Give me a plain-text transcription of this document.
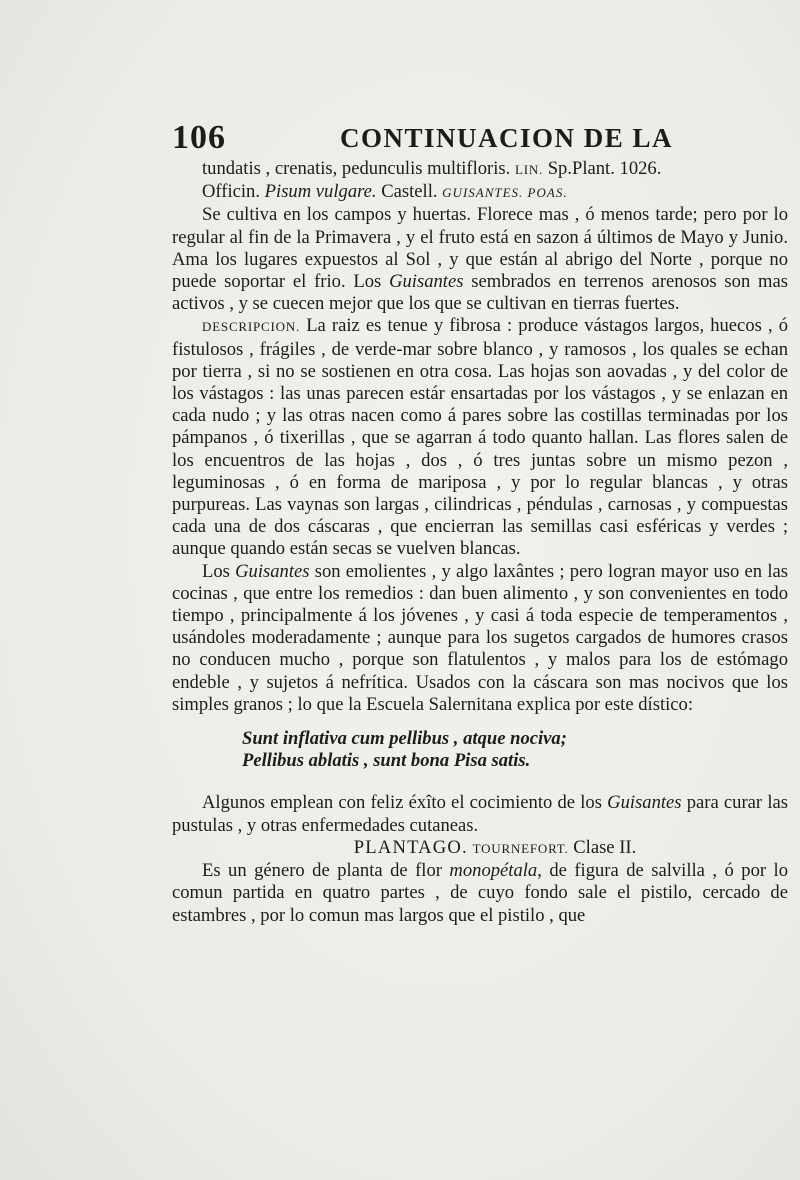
106	CONTINUACION DE LA

tundatis , crenatis, pedunculis multifloris. LIN. Sp.Plant. 1026.

Officin. Pisum vulgare. Castell. GUISANTES. POAS.

Se cultiva en los campos y huertas. Florece mas , ó menos tarde; pero por lo regular al fin de la Primavera , y el fruto está en sazon á últimos de Mayo y Junio. Ama los lugares expuestos al Sol , y que están al abrigo del Norte , porque no puede soportar el frio. Los Guisantes sembrados en terrenos arenosos son mas activos , y se cuecen mejor que los que se cultivan en tierras fuertes.

DESCRIPCION. La raiz es tenue y fibrosa : produce vástagos largos, huecos , ó fistulosos , frágiles , de verde-mar sobre blanco , y ramosos , los quales se echan por tierra , si no se sostienen en otra cosa. Las hojas son aovadas , y del color de los vástagos : las unas parecen estár ensartadas por los vástagos , y se enlazan en cada nudo ; y las otras nacen como á pares sobre las costillas terminadas por los pámpanos , ó tixerillas , que se agarran á todo quanto hallan. Las flores salen de los encuentros de las hojas , dos , ó tres juntas sobre un mismo pezon , leguminosas , ó en forma de mariposa , y por lo regular blancas , y otras purpureas. Las vaynas son largas , cilindricas , péndulas , carnosas , y compuestas cada una de dos cáscaras , que encierran las semillas casi esféricas y verdes ; aunque quando están secas se vuelven blancas.

Los Guisantes son emolientes , y algo laxântes ; pero logran mayor uso en las cocinas , que entre los remedios : dan buen alimento , y son convenientes en todo tiempo , principalmente á los jóvenes , y casi á toda especie de temperamentos , usándoles moderadamente ; aunque para los sugetos cargados de humores crasos no conducen mucho , porque son flatulentos , y malos para los de estómago endeble , y sujetos á nefrítica. Usados con la cáscara son mas nocivos que los simples granos ; lo que la Escuela Salernitana explica por este dístico:

Sunt inflativa cum pellibus , atque nociva;
Pellibus ablatis , sunt bona Pisa satis.

Algunos emplean con feliz éxîto el cocimiento de los Guisantes para curar las pustulas , y otras enfermedades cutaneas.

PLANTAGO. TOURNEFORT. Clase II.

Es un género de planta de flor monopétala, de figura de salvilla , ó por lo comun partida en quatro partes , de cuyo fondo sale el pistilo, cercado de estambres , por lo comun mas largos que el pistilo , que
